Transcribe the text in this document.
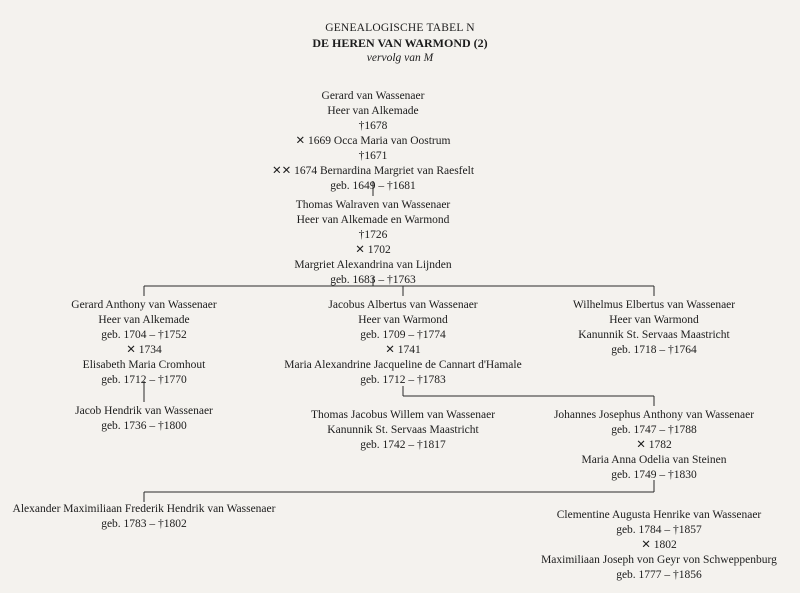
GENEALOGISCHE TABEL N
DE HEREN VAN WARMOND (2)
vervolg van M
Gerard van Wassenaer
Heer van Alkemade
†1678
✕ 1669 Occa Maria van Oostrum
†1671
✕✕ 1674 Bernardina Margriet van Raesfelt
geb. 1649 – †1681
Thomas Walraven van Wassenaer
Heer van Alkemade en Warmond
†1726
✕ 1702
Margriet Alexandrina van Lijnden
geb. 1683 – †1763
Gerard Anthony van Wassenaer
Heer van Alkemade
geb. 1704 – †1752
✕ 1734
Elisabeth Maria Cromhout
geb. 1712 – †1770
Jacobus Albertus van Wassenaer
Heer van Warmond
geb. 1709 – †1774
✕ 1741
Maria Alexandrine Jacqueline de Cannart d'Hamale
geb. 1712 – †1783
Wilhelmus Elbertus van Wassenaer
Heer van Warmond
Kanunnik St. Servaas Maastricht
geb. 1718 – †1764
Jacob Hendrik van Wassenaer
geb. 1736 – †1800
Thomas Jacobus Willem van Wassenaer
Kanunnik St. Servaas Maastricht
geb. 1742 – †1817
Johannes Josephus Anthony van Wassenaer
geb. 1747 – †1788
✕ 1782
Maria Anna Odelia van Steinen
geb. 1749 – †1830
Alexander Maximiliaan Frederik Hendrik van Wassenaer
geb. 1783 – †1802
Clementine Augusta Henrike van Wassenaer
geb. 1784 – †1857
✕ 1802
Maximiliaan Joseph von Geyr von Schweppenburg
geb. 1777 – †1856
